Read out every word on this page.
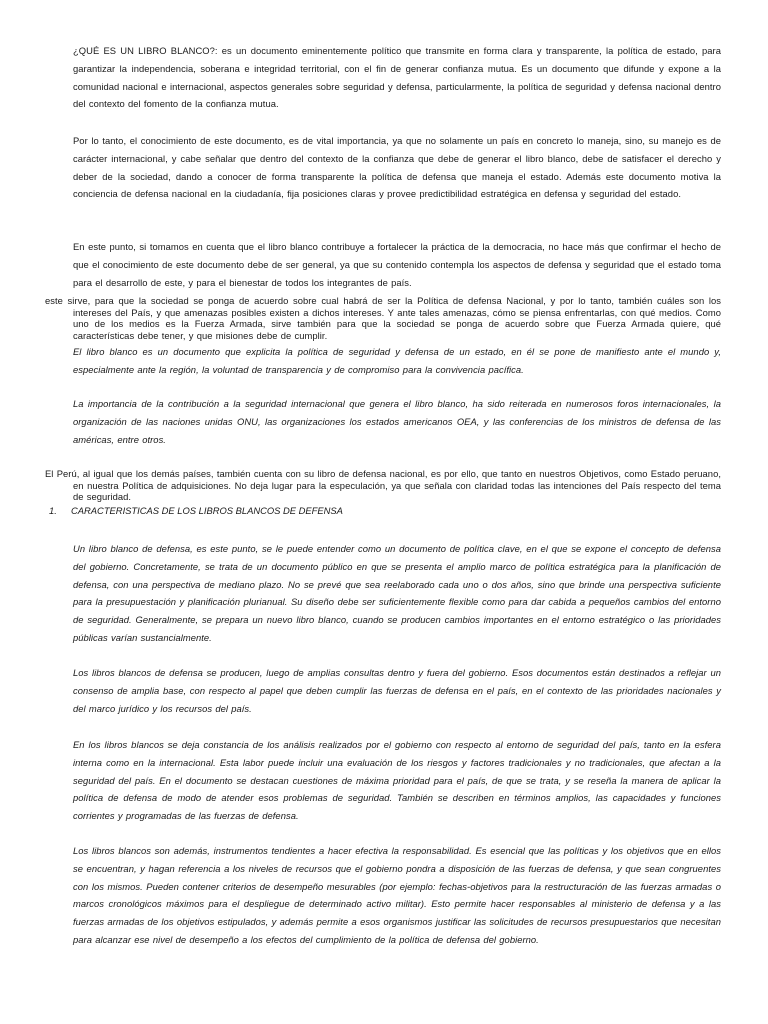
¿QUÉ ES UN LIBRO BLANCO?: es un documento eminentemente político que transmite en forma clara y transparente, la política de estado, para garantizar la independencia, soberana e integridad territorial, con el fin de generar confianza mutua. Es un documento que difunde y expone a la comunidad nacional e internacional, aspectos generales sobre seguridad y defensa, particularmente, la política de seguridad y defensa nacional dentro del contexto del fomento de la confianza mutua.

Por lo tanto, el conocimiento de este documento, es de vital importancia, ya que no solamente un país en concreto lo maneja, sino, su manejo es de carácter internacional, y cabe señalar que dentro del contexto de la confianza que debe de generar el libro blanco, debe de satisfacer el derecho y deber de la sociedad, dando a conocer de forma transparente la política de defensa que maneja el estado. Además este documento motiva la conciencia de defensa nacional en la ciudadanía, fija posiciones claras y provee predictibilidad estratégica en defensa y seguridad del estado.

En este punto, si tomamos en cuenta que el libro blanco contribuye a fortalecer la práctica de la democracia, no hace más que confirmar el hecho de que el conocimiento de este documento debe de ser general, ya que su contenido contempla los aspectos de defensa y seguridad que el estado toma para el desarrollo de este, y para el bienestar de todos los integrantes de país.

este sirve, para que la sociedad se ponga de acuerdo sobre cual habrá de ser la Política de defensa Nacional, y por lo tanto, también cuáles son los intereses del País, y que amenazas posibles existen a dichos intereses. Y ante tales amenazas, cómo se piensa enfrentarlas, con qué medios. Como uno de los medios es la Fuerza Armada, sirve también para que la sociedad se ponga de acuerdo sobre que Fuerza Armada quiere, qué características debe tener, y que misiones debe de cumplir.

El libro blanco es un documento que explicita la política de seguridad y defensa de un estado, en él se pone de manifiesto ante el mundo y, especialmente ante la región, la voluntad de transparencia y de compromiso para la convivencia pacífica.

La importancia de la contribución a la seguridad internacional que genera el libro blanco, ha sido reiterada en numerosos foros internacionales, la organización de las naciones unidas ONU, las organizaciones los estados americanos OEA, y las conferencias de los ministros de defensa de las américas, entre otros.

El Perú, al igual que los demás países, también cuenta con su libro de defensa nacional, es por ello, que tanto en nuestros Objetivos, como Estado peruano, en nuestra Política de adquisiciones. No deja lugar para la especulación, ya que señala con claridad todas las intenciones del País respecto del tema de seguridad.

1. CARACTERISTICAS DE LOS LIBROS BLANCOS DE DEFENSA

Un libro blanco de defensa, es este punto, se le puede entender como un documento de política clave, en el que se expone el concepto de defensa del gobierno. Concretamente, se trata de un documento público en que se presenta el amplio marco de política estratégica para la planificación de defensa, con una perspectiva de mediano plazo. No se prevé que sea reelaborado cada uno o dos años, sino que brinde una perspectiva suficiente para la presupuestación y planificación plurianual. Su diseño debe ser suficientemente flexible como para dar cabida a pequeños cambios del entorno de seguridad. Generalmente, se prepara un nuevo libro blanco, cuando se producen cambios importantes en el entorno estratégico o las prioridades públicas varían sustancialmente.

Los libros blancos de defensa se producen, luego de amplias consultas dentro y fuera del gobierno. Esos documentos están destinados a reflejar un consenso de amplia base, con respecto al papel que deben cumplir las fuerzas de defensa en el país, en el contexto de las prioridades nacionales y del marco jurídico y los recursos del país.

En los libros blancos se deja constancia de los análisis realizados por el gobierno con respecto al entorno de seguridad del país, tanto en la esfera interna como en la internacional. Esta labor puede incluir una evaluación de los riesgos y factores tradicionales y no tradicionales, que afectan a la seguridad del país. En el documento se destacan cuestiones de máxima prioridad para el país, de que se trata, y se reseña la manera de aplicar la política de defensa de modo de atender esos problemas de seguridad. También se describen en términos amplios, las capacidades y funciones corrientes y programadas de las fuerzas de defensa.

Los libros blancos son además, instrumentos tendientes a hacer efectiva la responsabilidad. Es esencial que las políticas y los objetivos que en ellos se encuentran, y hagan referencia a los niveles de recursos que el gobierno pondra a disposición de las fuerzas de defensa, y que sean congruentes con los mismos. Pueden contener criterios de desempeño mesurables (por ejemplo: fechas-objetivos para la restructuración de las fuerzas armadas o marcos cronológicos máximos para el despliegue de determinado activo militar). Esto permite hacer responsables al ministerio de defensa y a las fuerzas armadas de los objetivos estipulados, y además permite a esos organismos justificar las solicitudes de recursos presupuestarios que necesitan para alcanzar ese nivel de desempeño a los efectos del cumplimiento de la política de defensa del gobierno.
